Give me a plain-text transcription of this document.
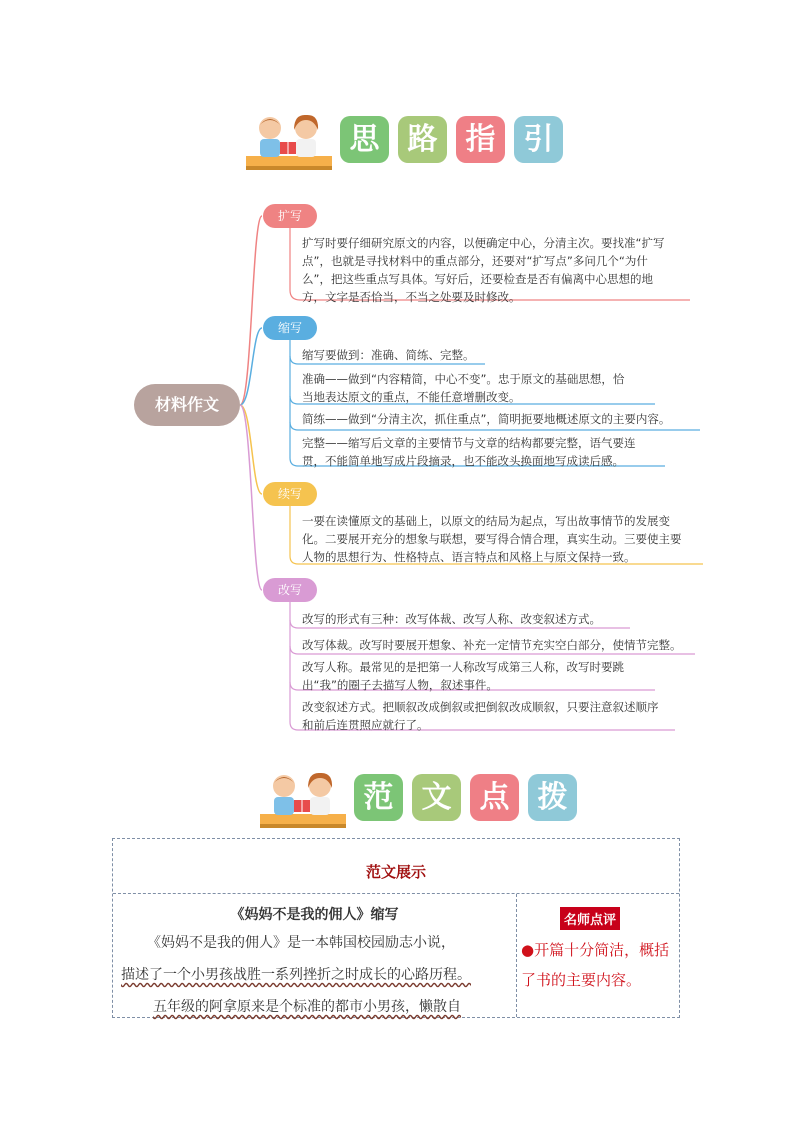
思 路 指 引
材料作文
扩写
缩写
续写
改写
扩写时要仔细研究原文的内容，以便确定中心，分清主次。要找准“扩写
点”，也就是寻找材料中的重点部分，还要对“扩写点”多问几个“为什
么”，把这些重点写具体。写好后，还要检查是否有偏离中心思想的地
方，文字是否恰当，不当之处要及时修改。
缩写要做到：准确、简练、完整。
准确——做到“内容精简，中心不变”。忠于原文的基础思想，恰
当地表达原文的重点，不能任意增删改变。
简练——做到“分清主次，抓住重点”，简明扼要地概述原文的主要内容。
完整——缩写后文章的主要情节与文章的结构都要完整，语气要连
贯，不能简单地写成片段摘录，也不能改头换面地写成读后感。
一要在读懂原文的基础上，以原文的结局为起点，写出故事情节的发展变
化。二要展开充分的想象与联想，要写得合情合理，真实生动。三要使主要
人物的思想行为、性格特点、语言特点和风格上与原文保持一致。
改写的形式有三种：改写体裁、改写人称、改变叙述方式。
改写体裁。改写时要展开想象、补充一定情节充实空白部分，使情节完整。
改写人称。最常见的是把第一人称改写成第三人称，改写时要跳
出“我”的圈子去描写人物，叙述事件。
改变叙述方式。把顺叙改成倒叙或把倒叙改成顺叙，只要注意叙述顺序
和前后连贯照应就行了。
范 文 点 拨
范文展示
《妈妈不是我的佣人》缩写
《妈妈不是我的佣人》是一本韩国校园励志小说，
描述了一个小男孩战胜一系列挫折之时成长的心路历程。
五年级的阿拿原来是个标准的都市小男孩，懒散自
名师点评
●开篇十分简洁，概括了书的主要内容。
